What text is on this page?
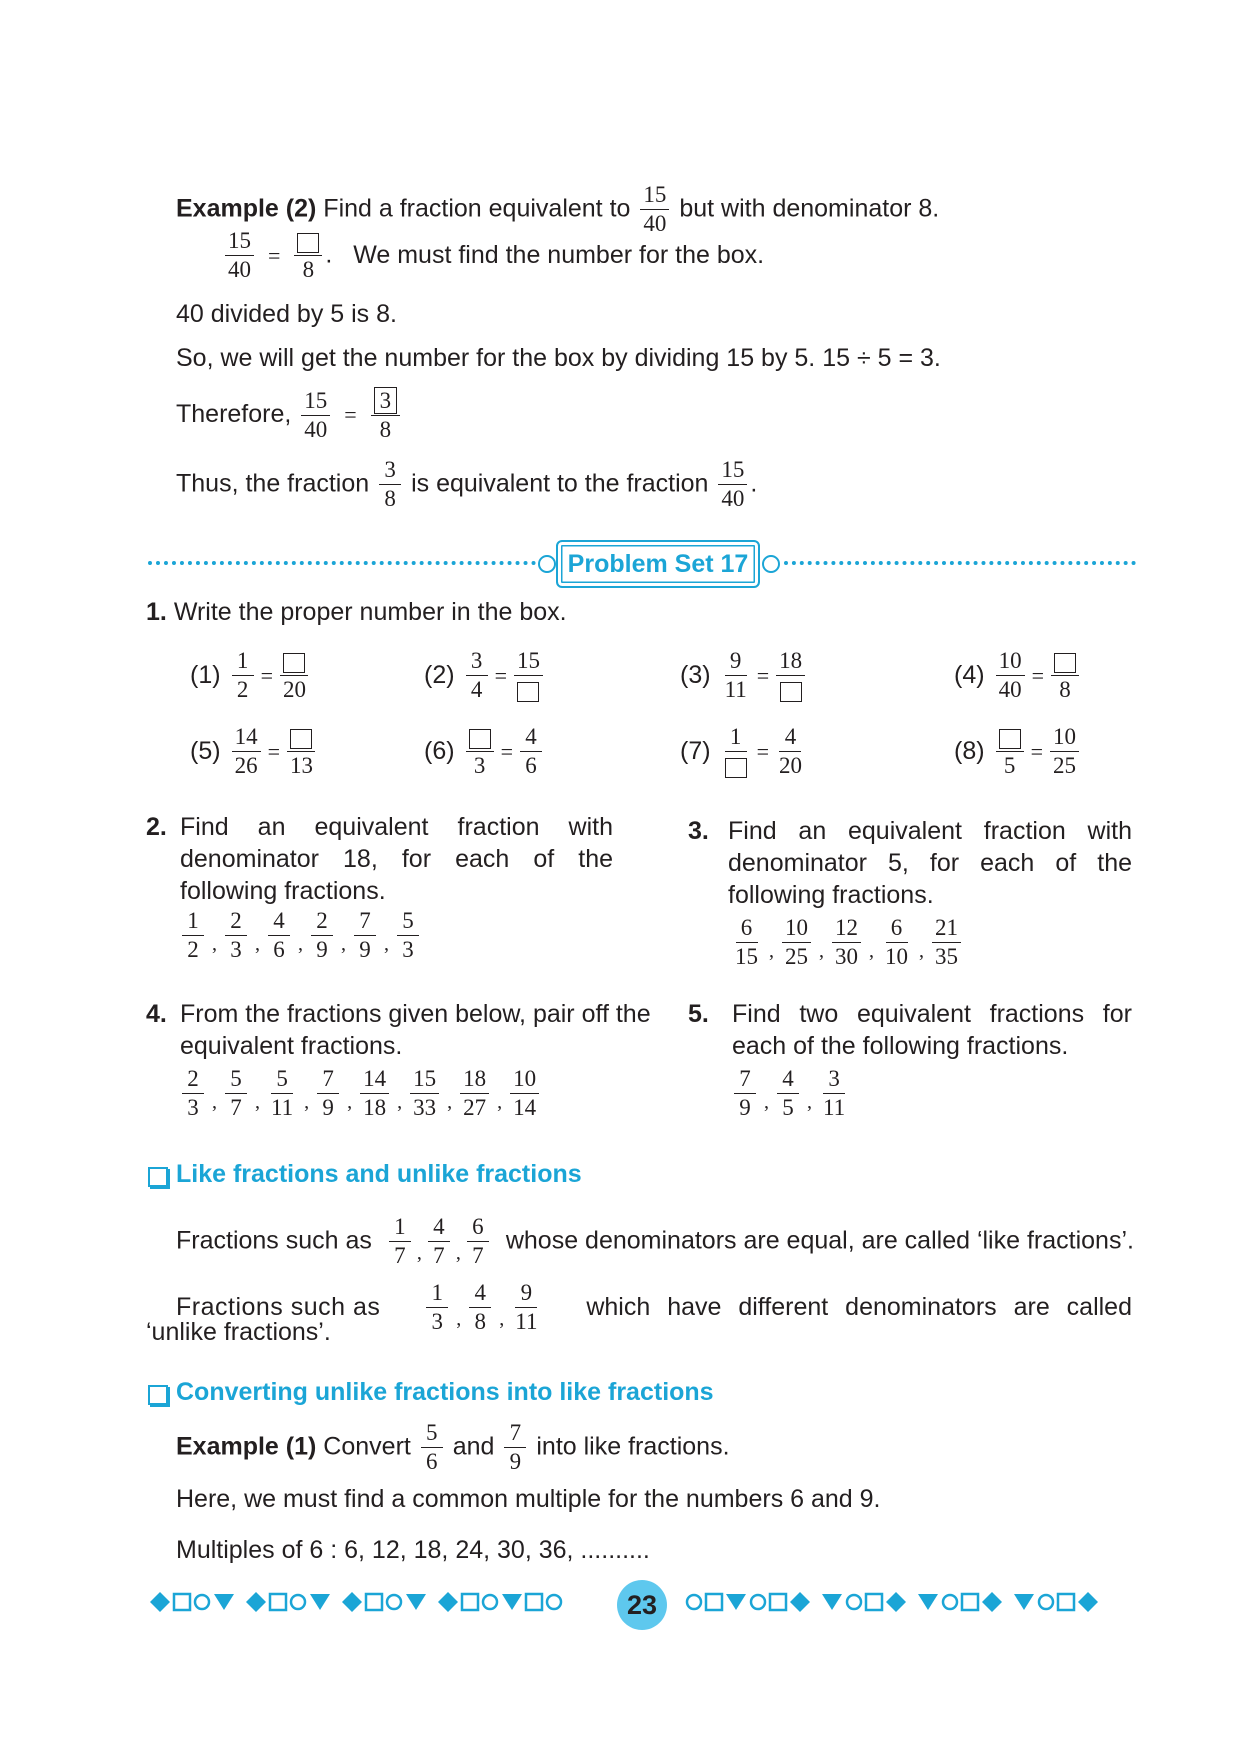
Example (2) Find a fraction equivalent to $\frac{15}{40}$ but with denominator 8.
$\frac{15}{40}$ =
8
. We must find the number for the box.
40 divided by 5 is 8.
So, we will get the number for the box by dividing 15 by 5. 15 ÷ 5 = 3.
Therefore, $\frac{15}{40} = \frac{3}{8}$
Thus, the fraction $\frac{3}{8}$ is equivalent to the fraction $\frac{15}{40}$ .
Problem Set 17
1. Write the proper number in the box.
$(1) \frac{1}{2}$ =
20
$(2) \frac{3}{4}$ =
15
$(3) \frac{9}{11}$ =
18
$(4) \frac{10}{40}$ =
8
$(5) \frac{14}{26}$ =
13
(6)
3
= $\frac{4}{6}$	(7)
1
= $\frac{4}{20}$	(8)
5
= $\frac{10}{25}$
2. Find an equivalent fraction with
denominator 18, for each of the
following fractions.
$\frac{1}{2}$ , $\frac{2}{3}$ , $\frac{4}{6}$ , $\frac{2}{9}$ , $\frac{7}{9}$ , $\frac{5}{3}$
3. Find an equivalent fraction with
denominator 5, for each of the
following fractions.
$\frac{6}{15}$ , $\frac{10}{25}$ , $\frac{12}{30}$ , $\frac{6}{10}$ , $\frac{21}{35}$
4. From the fractions given below, pair off the
equivalent fractions.
$\frac{2}{3}$ , $\frac{5}{7}$ , $\frac{5}{11}$ , $\frac{7}{9}$ , $\frac{14}{18}$ , $\frac{15}{33}$ , $\frac{18}{27}$ , $\frac{10}{14}$
5. Find two equivalent fractions for
each of the following fractions.
$\frac{7}{9}$ , $\frac{4}{5}$ , $\frac{3}{11}$
Like fractions and unlike fractions
Fractions such as $\frac{1}{7} _, \frac{4}{7} _, \frac{6}{7}$ whose denominators are equal, are called ‘like fractions’.
Fractions such as $\frac{1}{3} _, \frac{4}{8} _, \frac{9}{11}$ which have different denominators are called
‘unlike fractions’.
Converting unlike fractions into like fractions
Example (1) Convert $\frac{5}{6}$ and $\frac{7}{9}$ into like fractions.
Here, we must find a common multiple for the numbers 6 and 9.
Multiples of 6 : 6, 12, 18, 24, 30, 36, ..........
23
